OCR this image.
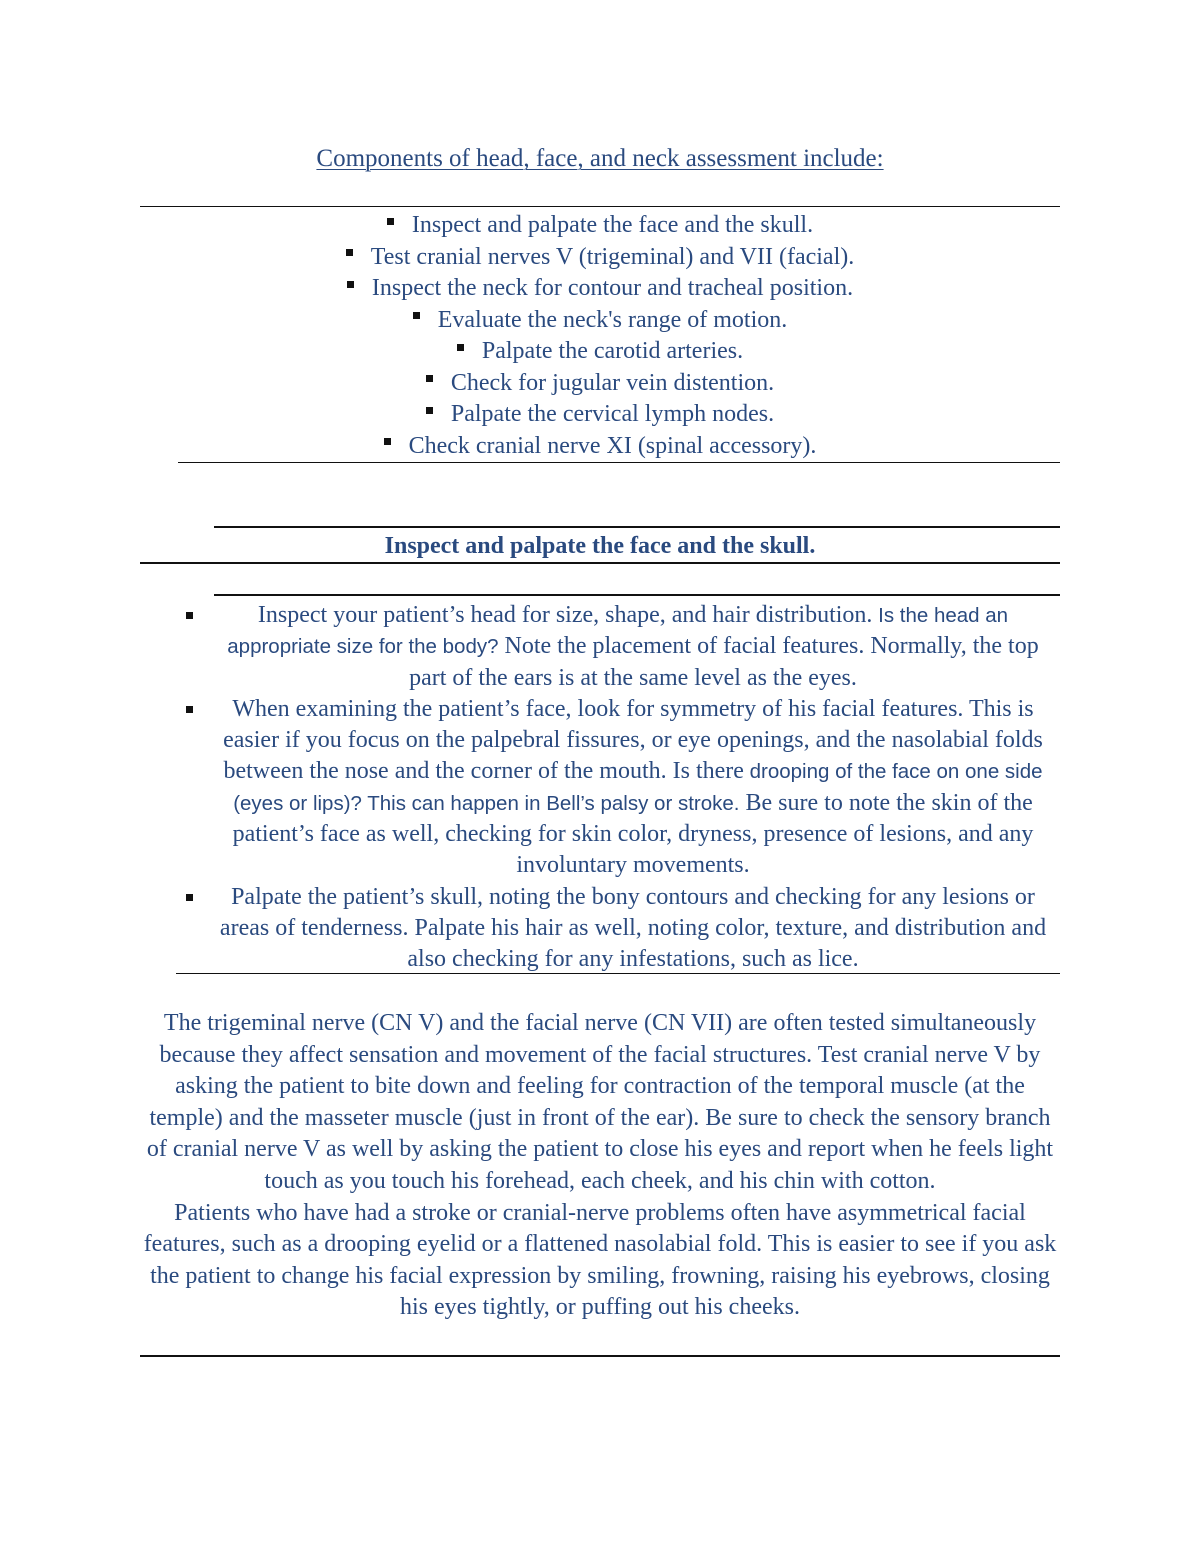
Components of head, face, and neck assessment include:
Inspect and palpate the face and the skull.
Test cranial nerves V (trigeminal) and VII (facial).
Inspect the neck for contour and tracheal position.
Evaluate the neck's range of motion.
Palpate the carotid arteries.
Check for jugular vein distention.
Palpate the cervical lymph nodes.
Check cranial nerve XI (spinal accessory).
Inspect and palpate the face and the skull.
Inspect your patient’s head for size, shape, and hair distribution. Is the head an appropriate size for the body? Note the placement of facial features. Normally, the top part of the ears is at the same level as the eyes.
When examining the patient’s face, look for symmetry of his facial features. This is easier if you focus on the palpebral fissures, or eye openings, and the nasolabial folds between the nose and the corner of the mouth. Is there drooping of the face on one side (eyes or lips)? This can happen in Bell’s palsy or stroke. Be sure to note the skin of the patient’s face as well, checking for skin color, dryness, presence of lesions, and any involuntary movements.
Palpate the patient’s skull, noting the bony contours and checking for any lesions or areas of tenderness. Palpate his hair as well, noting color, texture, and distribution and also checking for any infestations, such as lice.

The trigeminal nerve (CN V) and the facial nerve (CN VII) are often tested simultaneously because they affect sensation and movement of the facial structures. Test cranial nerve V by asking the patient to bite down and feeling for contraction of the temporal muscle (at the temple) and the masseter muscle (just in front of the ear). Be sure to check the sensory branch of cranial nerve V as well by asking the patient to close his eyes and report when he feels light touch as you touch his forehead, each cheek, and his chin with cotton.

Patients who have had a stroke or cranial-nerve problems often have asymmetrical facial features, such as a drooping eyelid or a flattened nasolabial fold. This is easier to see if you ask the patient to change his facial expression by smiling, frowning, raising his eyebrows, closing his eyes tightly, or puffing out his cheeks.
